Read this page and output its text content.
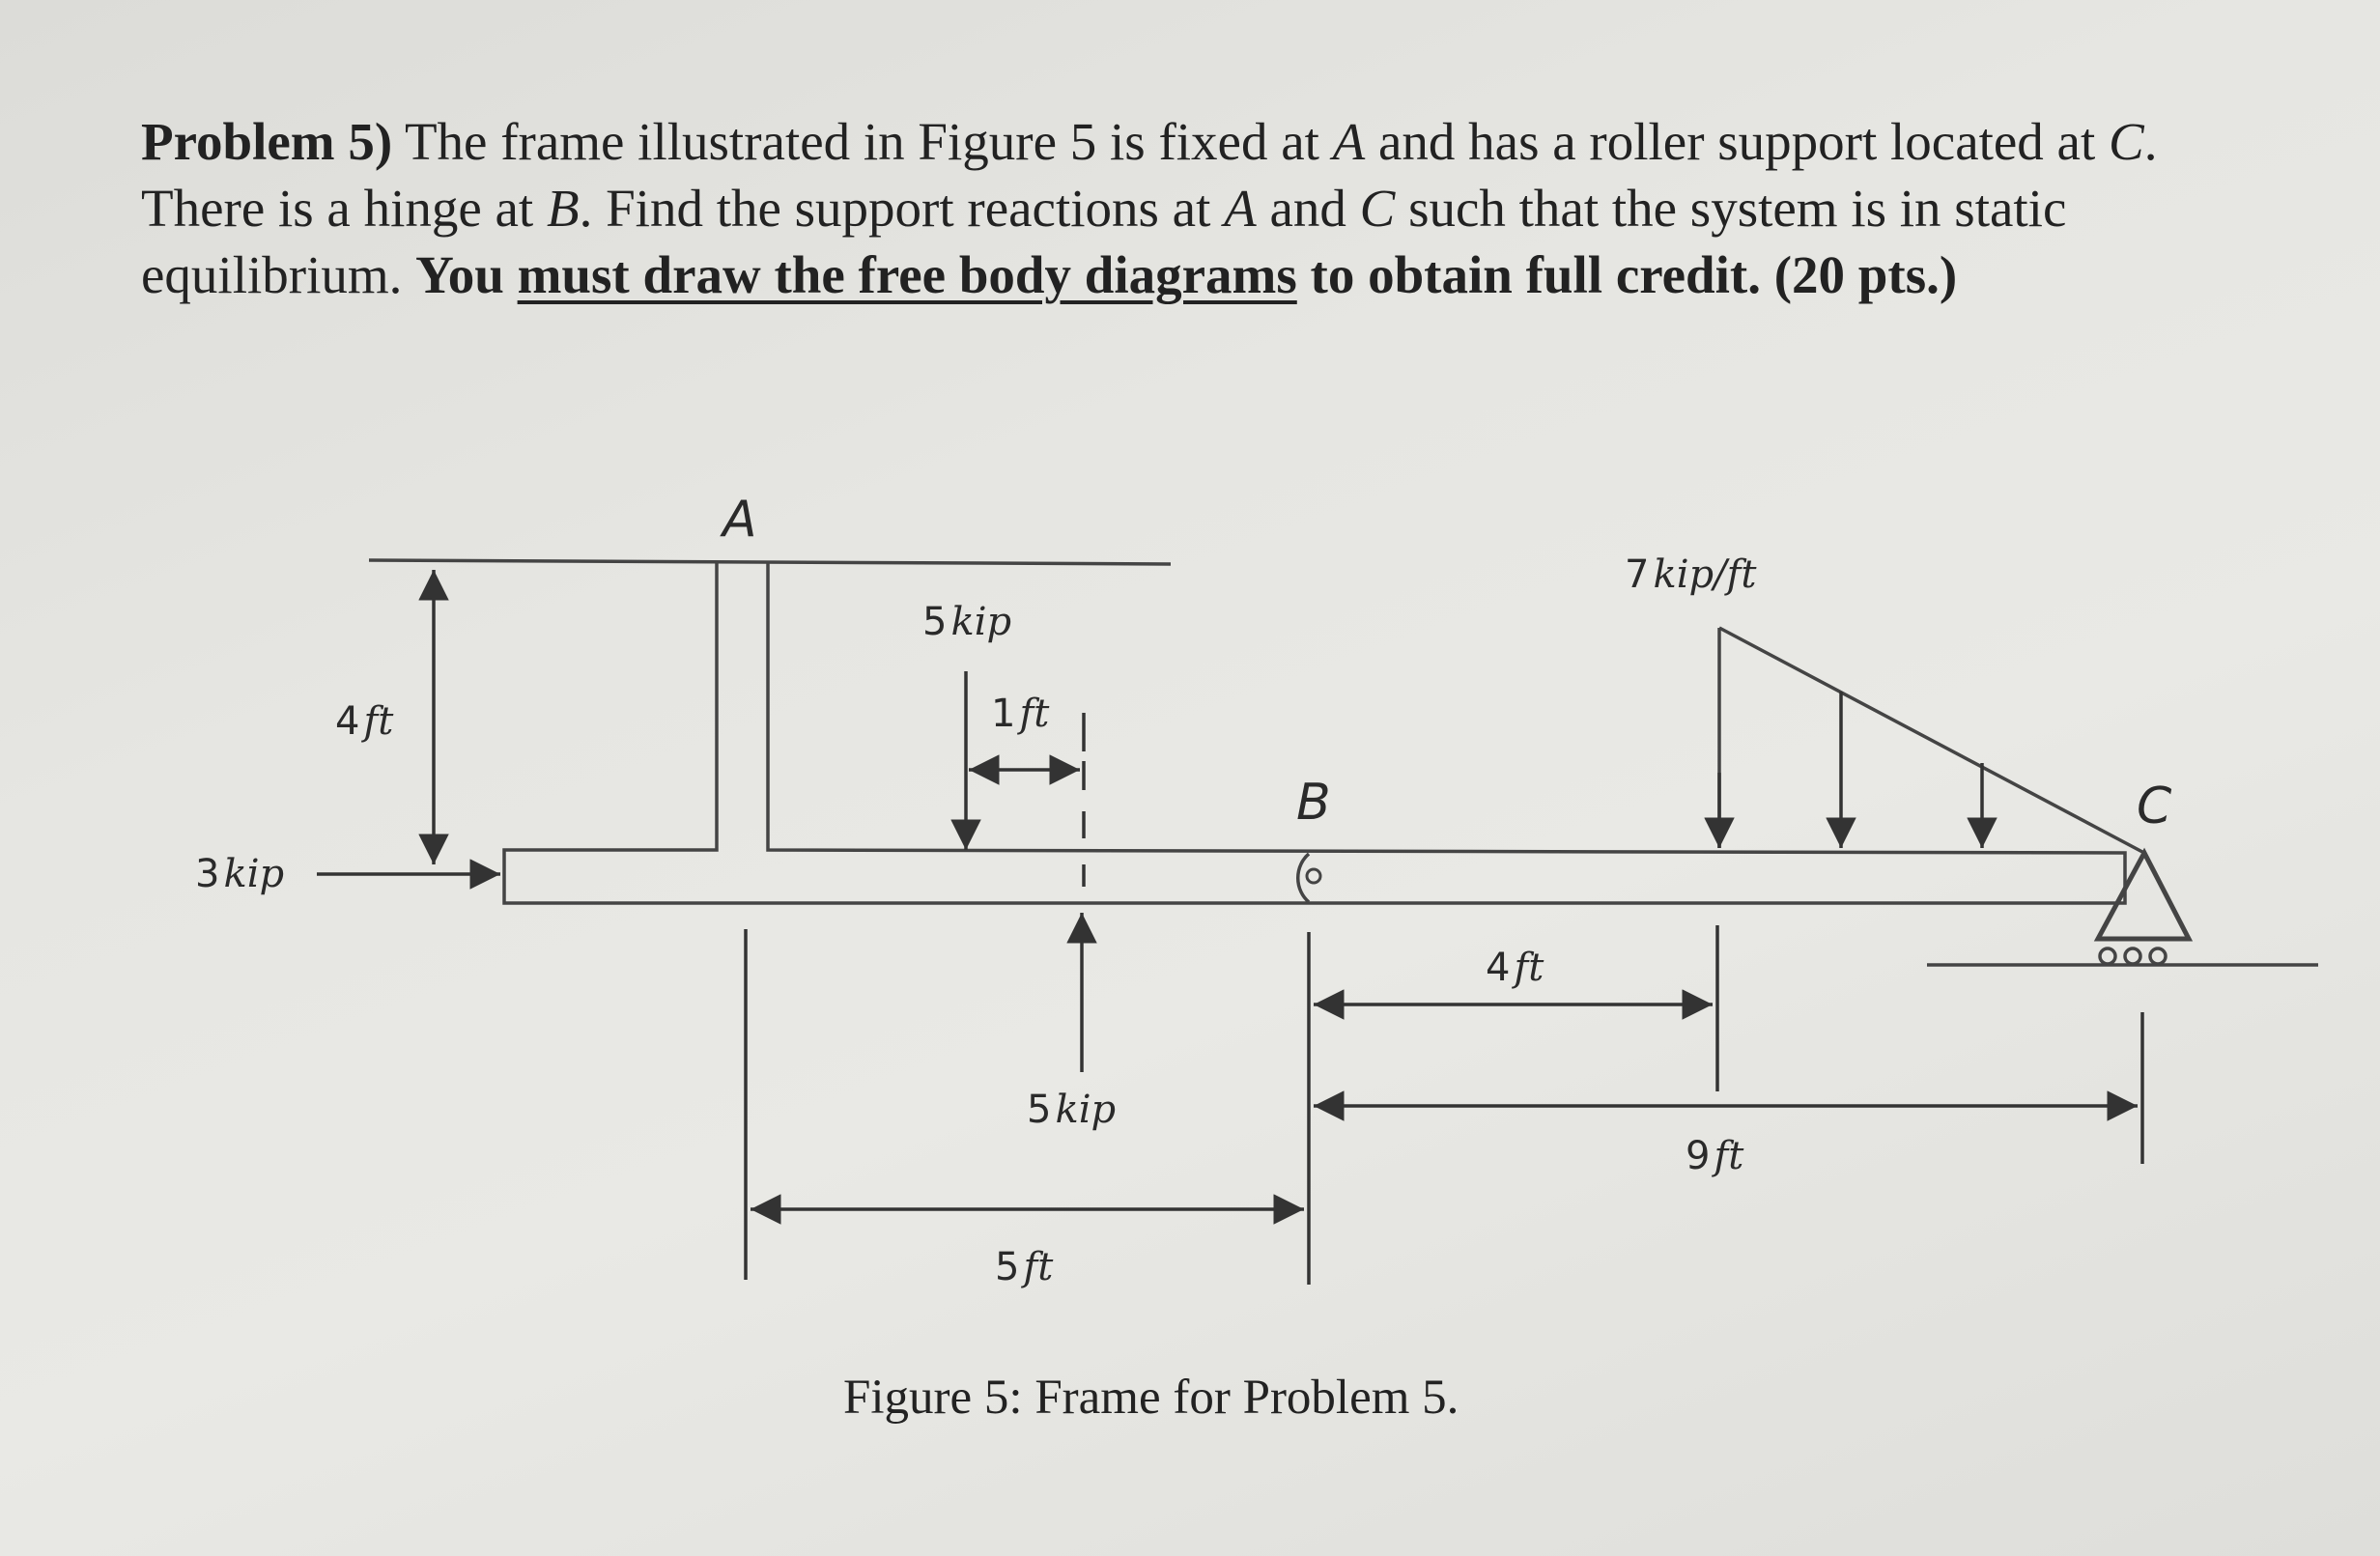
Problem 5) The frame illustrated in Figure 5 is fixed at A and has a roller support located at C. There is a hinge at B. Find the support reactions at A and C such that the system is in static equilibrium. You must draw the free body diagrams to obtain full credit. (20 pts.)
A
B	C
3 kip
4 ft
5 kip
1 ft
5 kip
7 kip/ft
4 ft
9 ft
5 ft
Figure 5: Frame for Problem 5.
